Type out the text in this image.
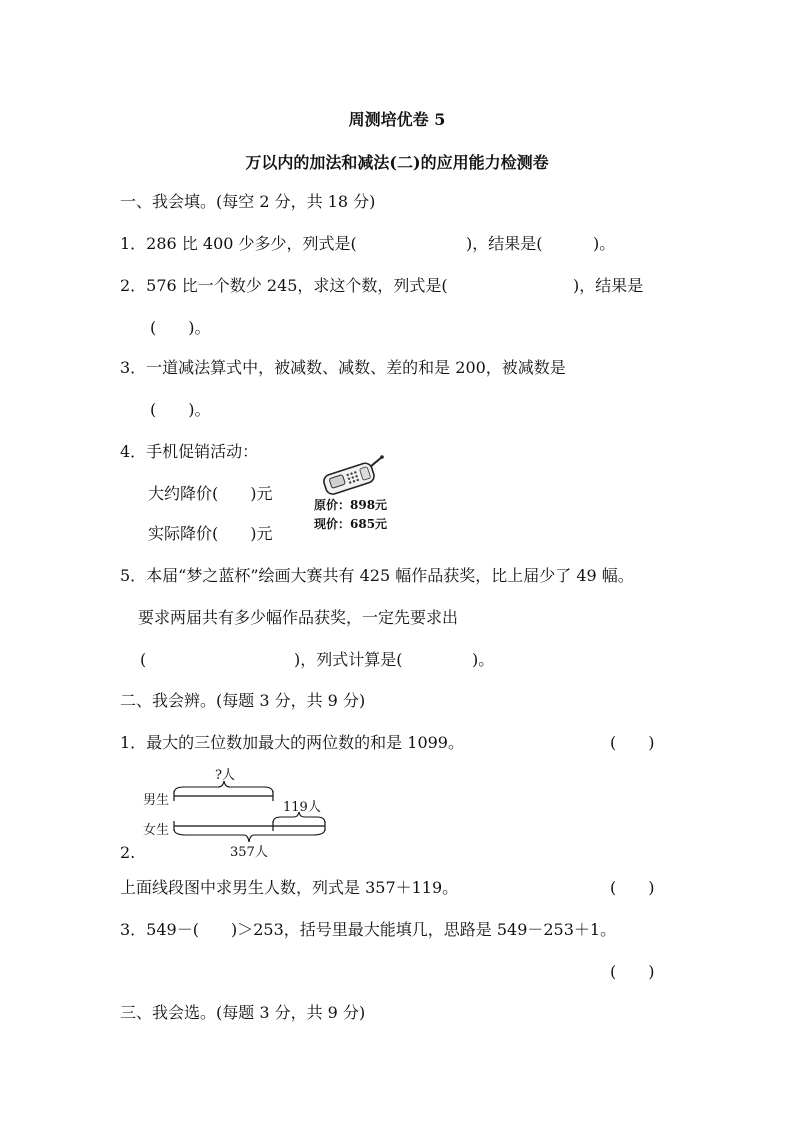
周测培优卷 5
万以内的加法和减法(二)的应用能力检测卷
一、我会填。(每空 2 分，共 18 分)
1．286 比 400 少多少，列式是(	)，结果是(	)。
2．576 比一个数少 245，求这个数，列式是(	)，结果是
(　　)。
3．一道减法算式中，被减数、减数、差的和是 200，被减数是
(　　)。
4．手机促销活动：
大约降价(　　)元
实际降价(　　)元
原价：898元
现价：685元
5．本届“梦之蓝杯”绘画大赛共有 425 幅作品获奖，比上届少了 49 幅。
要求两届共有多少幅作品获奖，一定先要求出
(	)，列式计算是(	)。
二、我会辨。(每题 3 分，共 9 分)
1．最大的三位数加最大的两位数的和是 1099。	(　　)
?人
男生	119人
女生
357人
2.
上面线段图中求男生人数，列式是 357＋119。	(　　)
3．549－(　　)＞253，括号里最大能填几，思路是 549－253＋1。
(　　)
三、我会选。(每题 3 分，共 9 分)
